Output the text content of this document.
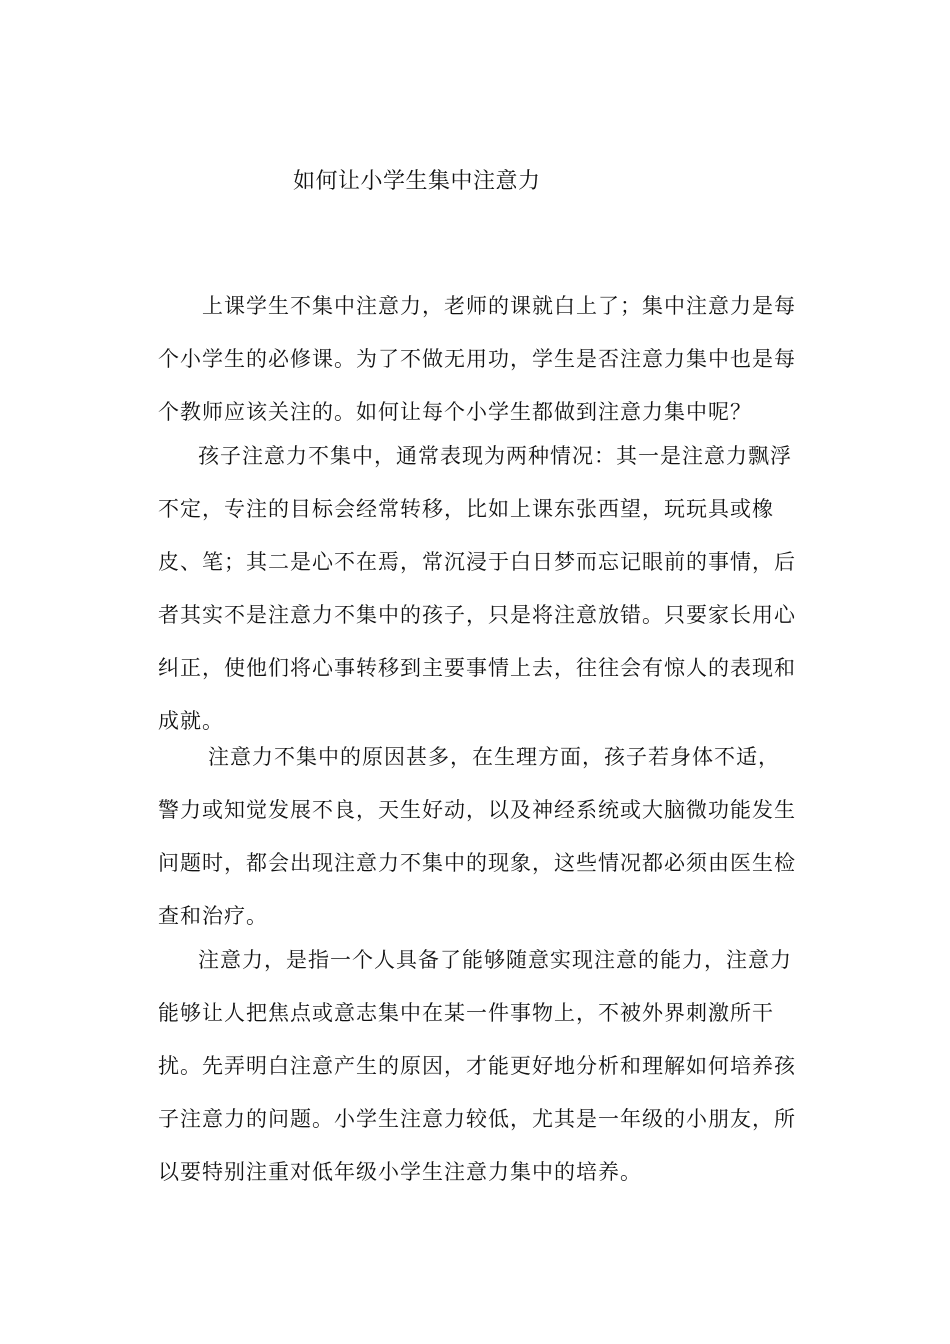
如何让小学生集中注意力
上课学生不集中注意力，老师的课就白上了；集中注意力是每
个小学生的必修课。为了不做无用功，学生是否注意力集中也是每
个教师应该关注的。如何让每个小学生都做到注意力集中呢？
孩子注意力不集中，通常表现为两种情况：其一是注意力飘浮
不定，专注的目标会经常转移，比如上课东张西望，玩玩具或橡
皮、笔；其二是心不在焉，常沉浸于白日梦而忘记眼前的事情，后
者其实不是注意力不集中的孩子，只是将注意放错。只要家长用心
纠正，使他们将心事转移到主要事情上去，往往会有惊人的表现和
成就。
注意力不集中的原因甚多，在生理方面，孩子若身体不适，
警力或知觉发展不良，天生好动，以及神经系统或大脑微功能发生
问题时，都会出现注意力不集中的现象，这些情况都必须由医生检
查和治疗。
注意力，是指一个人具备了能够随意实现注意的能力，注意力
能够让人把焦点或意志集中在某一件事物上，不被外界刺激所干
扰。先弄明白注意产生的原因，才能更好地分析和理解如何培养孩
子注意力的问题。小学生注意力较低，尤其是一年级的小朋友，所
以要特别注重对低年级小学生注意力集中的培养。
